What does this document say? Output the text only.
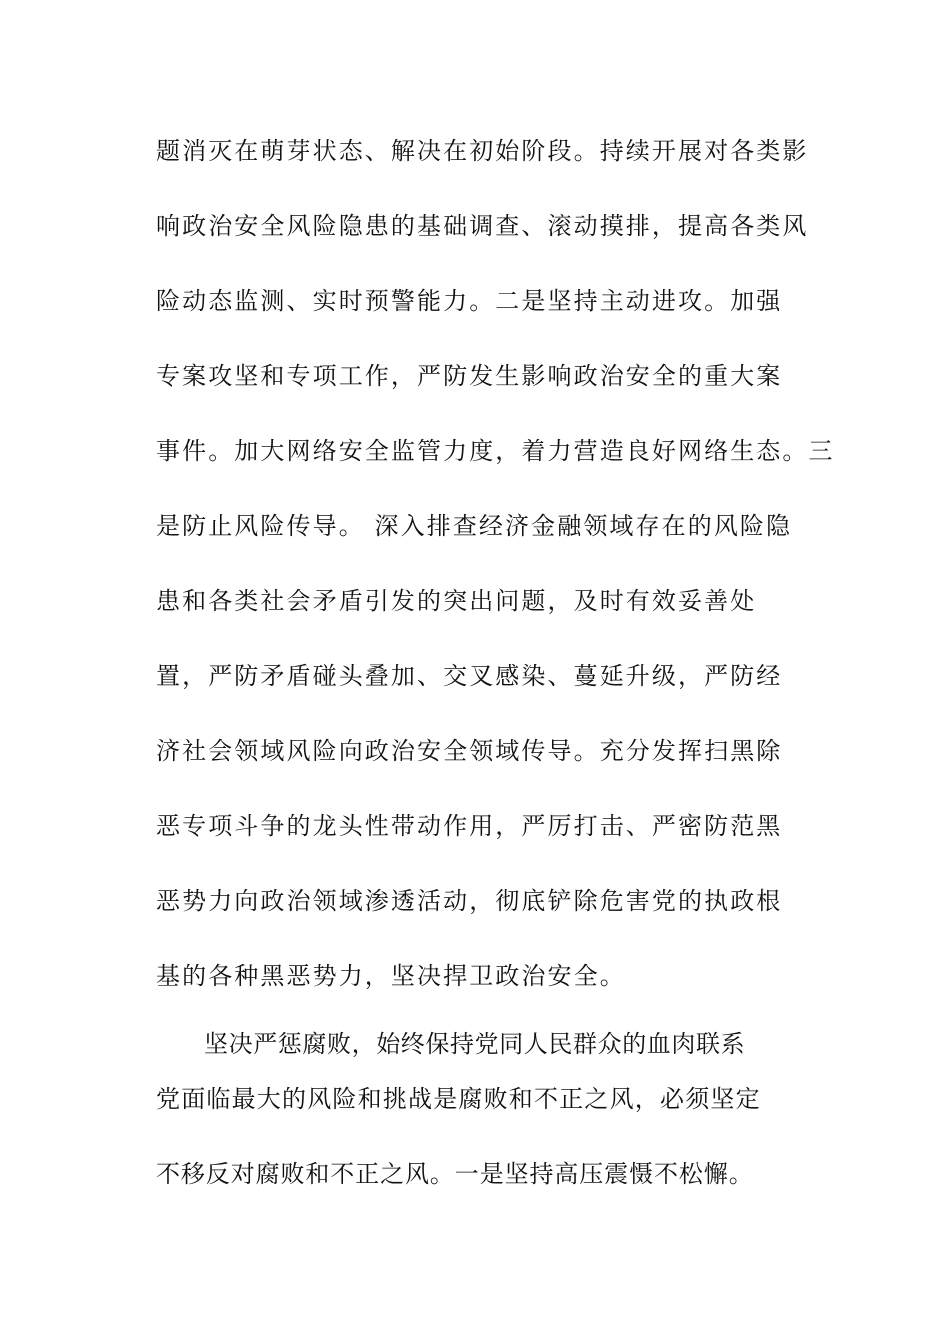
题消灭在萌芽状态、解决在初始阶段。持续开展对各类影
响政治安全风险隐患的基础调查、滚动摸排，提高各类风
险动态监测、实时预警能力。二是坚持主动进攻。加强
专案攻坚和专项工作，严防发生影响政治安全的重大案
事件。加大网络安全监管力度，着力营造良好网络生态。三
是防止风险传导。 深入排查经济金融领域存在的风险隐
患和各类社会矛盾引发的突出问题，及时有效妥善处
置，严防矛盾碰头叠加、交叉感染、蔓延升级，严防经
济社会领域风险向政治安全领域传导。充分发挥扫黑除
恶专项斗争的龙头性带动作用，严厉打击、严密防范黑
恶势力向政治领域渗透活动，彻底铲除危害党的执政根
基的各种黑恶势力，坚决捍卫政治安全。
坚决严惩腐败，始终保持党同人民群众的血肉联系
党面临最大的风险和挑战是腐败和不正之风，必须坚定
不移反对腐败和不正之风。一是坚持高压震慑不松懈。
